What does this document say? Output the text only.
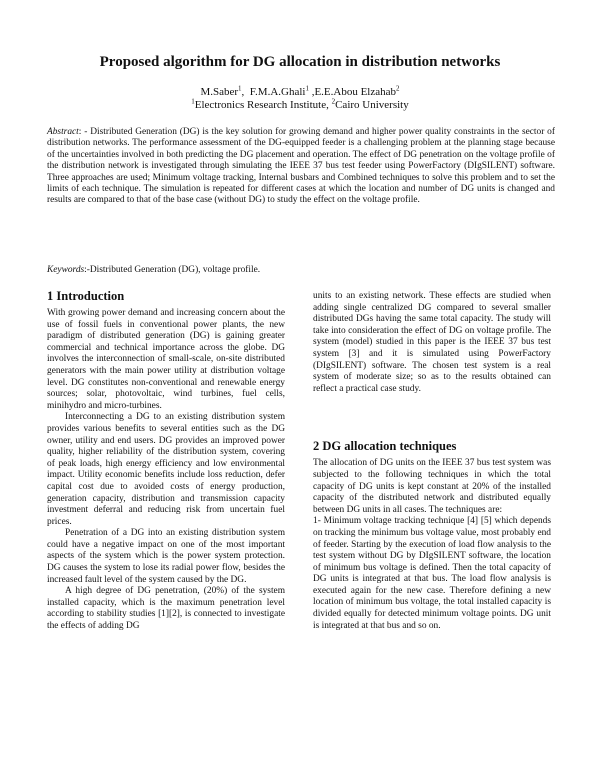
Proposed algorithm for DG allocation in distribution networks
M.Saber$^1$,  F.M.A.Ghali$^1$ ,E.E.Abou Elzahab$^2$
$^1$Electronics Research Institute, $^2$Cairo University
Abstract: - Distributed Generation (DG) is the key solution for growing demand and higher power quality constraints in the sector of distribution networks. The performance assessment of the DG-equipped feeder is a challenging problem at the planning stage because of the uncertainties involved in both predicting the DG placement and operation. The effect of DG penetration on the voltage profile of the distribution network is investigated through simulating the IEEE 37 bus test feeder using PowerFactory (DIgSILENT) software. Three approaches are used; Minimum voltage tracking, Internal busbars and Combined techniques to solve this problem and to set the limits of each technique. The simulation is repeated for different cases at which the location and number of DG units is changed and results are compared to that of the base case (without DG) to study the effect on the voltage profile.
Keywords:-Distributed Generation (DG), voltage profile.
1 Introduction

With growing power demand and increasing concern about the use of fossil fuels in conventional power plants, the new paradigm of distributed generation (DG) is gaining greater commercial and technical importance across the globe. DG involves the interconnection of small-scale, on-site distributed generators with the main power utility at distribution voltage level. DG constitutes non-conventional and renewable energy sources; solar, photovoltaic, wind turbines, fuel cells, minihydro and micro-turbines.

Interconnecting a DG to an existing distribution system provides various benefits to several entities such as the DG owner, utility and end users. DG provides an improved power quality, higher reliability of the distribution system, covering of peak loads, high energy efficiency and low environmental impact. Utility economic benefits include loss reduction, defer capital cost due to avoided costs of energy production, generation capacity, distribution and transmission capacity investment deferral and reducing risk from uncertain fuel prices.

Penetration of a DG into an existing distribution system could have a negative impact on one of the most important aspects of the system which is the power system protection. DG causes the system to lose its radial power flow, besides the increased fault level of the system caused by the DG.

A high degree of DG penetration, (20%) of the system installed capacity, which is the maximum penetration level according to stability studies [1][2], is connected to investigate the effects of adding DG

units to an existing network. These effects are studied when adding single centralized DG compared to several smaller distributed DGs having the same total capacity. The study will take into consideration the effect of DG on voltage profile. The system (model) studied in this paper is the IEEE 37 bus test system [3] and it is simulated using PowerFactory (DIgSILENT) software. The chosen test system is a real system of moderate size; so as to the results obtained can reflect a practical case study.

2 DG allocation techniques

The allocation of DG units on the IEEE 37 bus test system was subjected to the following techniques in which the total capacity of DG units is kept constant at 20% of the installed capacity of the distributed network and distributed equally between DG units in all cases. The techniques are:

1- Minimum voltage tracking technique [4] [5] which depends on tracking the minimum bus voltage value, most probably end of feeder. Starting by the execution of load flow analysis to the test system without DG by DIgSILENT software, the location of minimum bus voltage is defined. Then the total capacity of DG units is integrated at that bus. The load flow analysis is executed again for the new case. Therefore defining a new location of minimum bus voltage, the total installed capacity is divided equally for detected minimum voltage points. DG unit is integrated at that bus and so on.
